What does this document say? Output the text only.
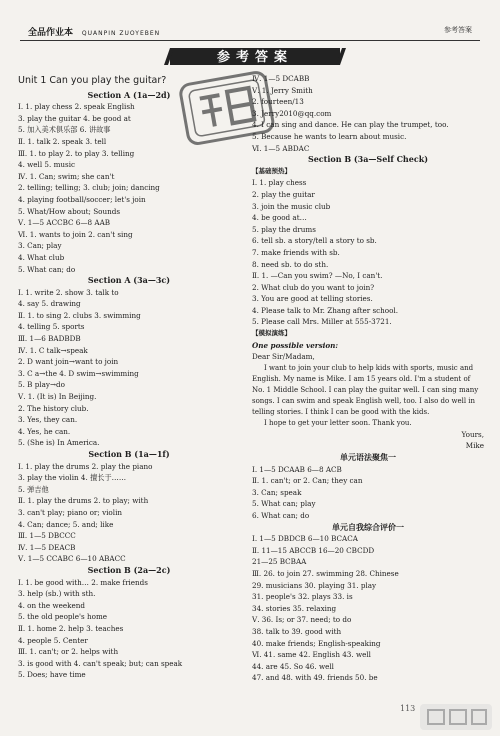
全品作业本 QUANPIN ZUOYEBEN	参考答案
参考答案
Unit 1 Can you play the guitar?
Section A (1a—2d)
Ⅰ. 1. play chess 2. speak English
3. play the guitar 4. be good at
5. 加入美术俱乐部 6. 讲故事
Ⅱ. 1. talk 2. speak 3. tell
Ⅲ. 1. to play 2. to play 3. telling
4. well 5. music
Ⅳ. 1. Can; swim; she can't
2. telling; telling; 3. club; join; dancing
4. playing football/soccer; let's join
5. What/How about; Sounds
Ⅴ. 1—5 ACCBC 6—8 AAB
Ⅵ. 1. wants to join 2. can't sing
3. Can; play
4. What club
5. What can; do
Section A (3a—3c)
Ⅰ. 1. write 2. show 3. talk to
4. say 5. drawing
Ⅱ. 1. to sing 2. clubs 3. swimming
4. telling 5. sports
Ⅲ. 1—6 BADBDB
Ⅳ. 1. C talk→speak
2. D want join→want to join
3. C a→the 4. D swim→swimming
5. B play→do
Ⅴ. 1. (It is) In Beijing.
2. The history club.
3. Yes, they can.
4. Yes, he can.
5. (She is) In America.
Section B (1a—1f)
Ⅰ. 1. play the drums 2. play the piano
3. play the violin 4. 擅长于……
5. 弹吉他
Ⅱ. 1. play the drums 2. to play; with
3. can't play; piano or; violin
4. Can; dance; 5. and; like
Ⅲ. 1—5 DBCCC
Ⅳ. 1—5 DEACB
Ⅴ. 1—5 CCABC 6—10 ABACC
Section B (2a—2c)
Ⅰ. 1. be good with… 2. make friends
3. help (sb.) with sth.
4. on the weekend
5. the old people's home
Ⅱ. 1. home 2. help 3. teaches
4. people 5. Center
Ⅲ. 1. can't; or 2. helps with
3. is good with 4. can't speak; but; can speak
5. Does; have time
Ⅳ. 1—5 DCABB
Ⅴ. 1. Jerry Smith
2. fourteen/13
3. Jerry2010@qq.com
4. I can sing and dance. He can play the trumpet, too.
5. Because he wants to learn about music.
Ⅵ. 1—5 ABDAC
Section B (3a—Self Check)
【基础预热】
Ⅰ. 1. play chess
2. play the guitar
3. join the music club
4. be good at…
5. play the drums
6. tell sb. a story/tell a story to sb.
7. make friends with sb.
8. need sb. to do sth.
Ⅱ. 1. —Can you swim? —No, I can't.
2. What club do you want to join?
3. You are good at telling stories.
4. Please talk to Mr. Zhang after school.
5. Please call Mrs. Miller at 555-3721.
【模拟演练】
One possible version:
Dear Sir/Madam,
I want to join your club to help kids with sports, music and English. My name is Mike. I am 15 years old. I'm a student of No. 1 Middle School. I can play the guitar well. I can sing many songs. I can swim and speak English well, too. I also do well in telling stories. I think I can be good with the kids.
I hope to get your letter soon. Thank you.
Yours,
Mike
单元语法聚焦一
Ⅰ. 1—5 DCAAB 6—8 ACB
Ⅱ. 1. can't; or 2. Can; they can
3. Can; speak
5. What can; play
6. What can; do
单元自我综合评价一
Ⅰ. 1—5 DBDCB 6—10 BCACA
Ⅱ. 11—15 ABCCB 16—20 CBCDD
21—25 BCBAA
Ⅲ. 26. to join 27. swimming 28. Chinese
29. musicians 30. playing 31. play
31. people's 32. plays 33. is
34. stories 35. relaxing
Ⅴ. 36. Is; or 37. need; to do
38. talk to 39. good with
40. make friends; English-speaking
Ⅵ. 41. same 42. English 43. well
44. are 45. So 46. well
47. and 48. with 49. friends 50. be
113
